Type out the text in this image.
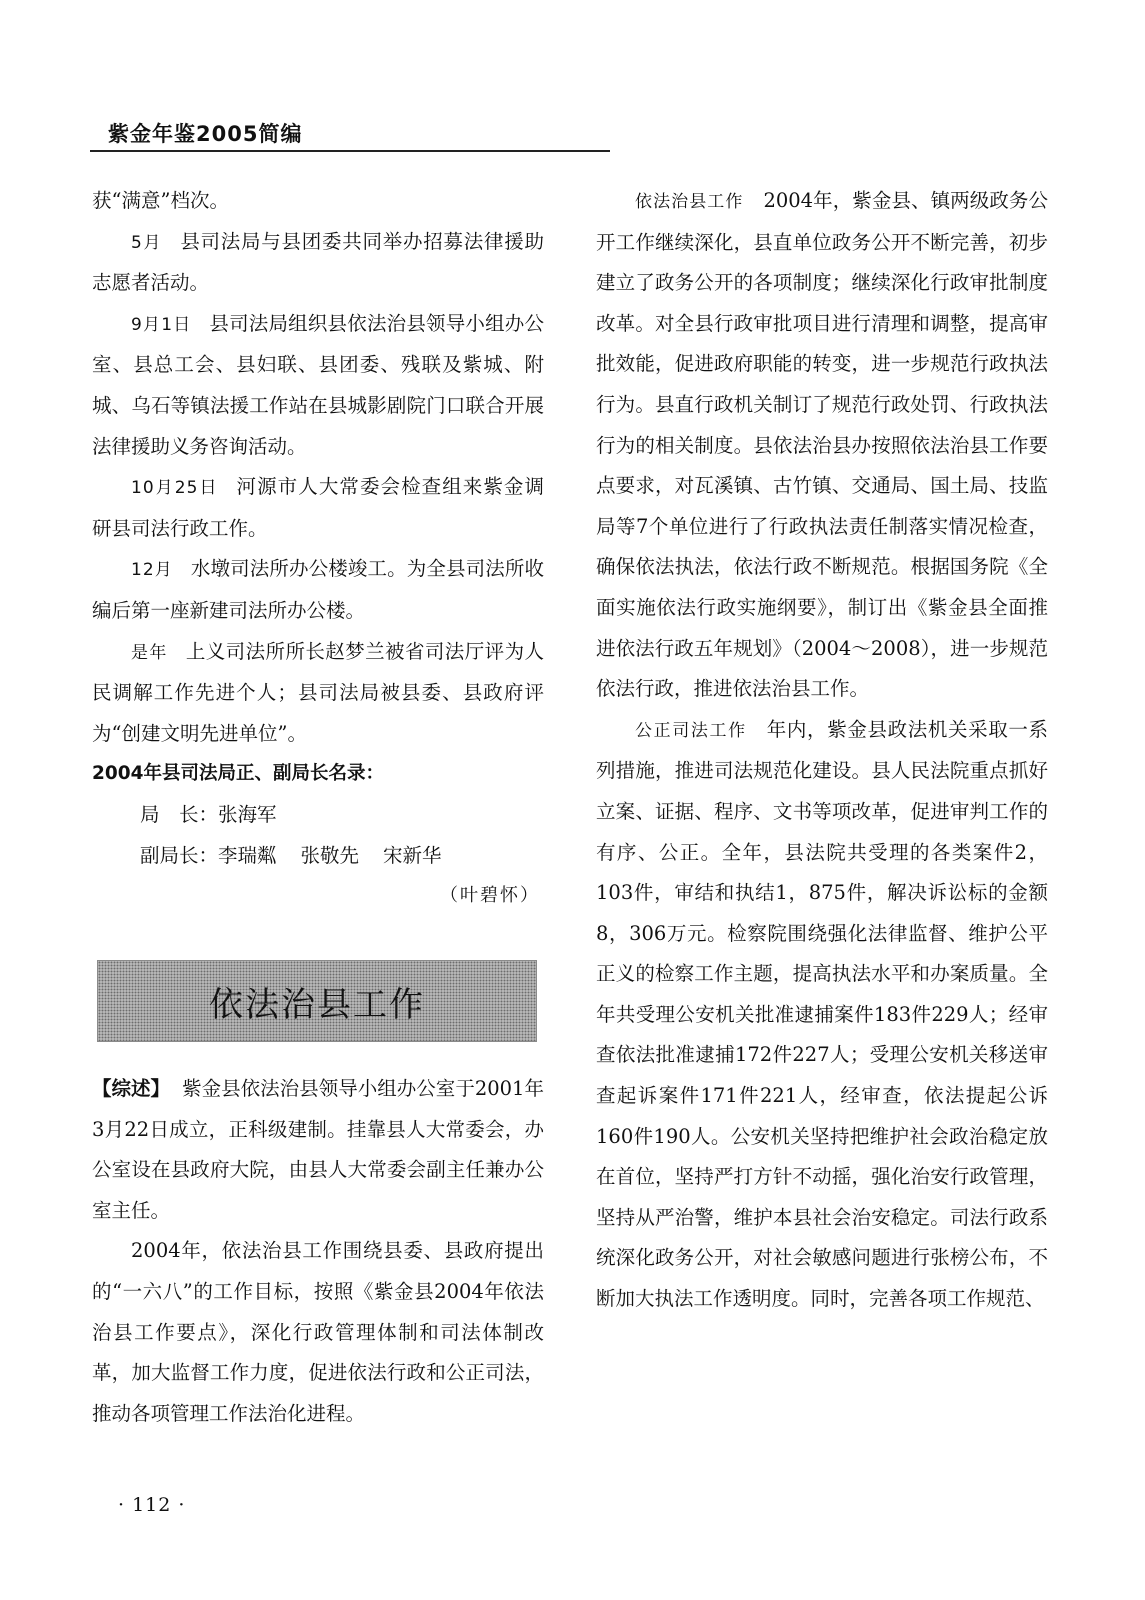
紫金年鉴2005简编

获“满意”档次。

5月 县司法局与县团委共同举办招募法律援助志愿者活动。

9月1日 县司法局组织县依法治县领导小组办公室、县总工会、县妇联、县团委、残联及紫城、附城、乌石等镇法援工作站在县城影剧院门口联合开展法律援助义务咨询活动。

10月25日 河源市人大常委会检查组来紫金调研县司法行政工作。

12月 水墩司法所办公楼竣工。为全县司法所收编后第一座新建司法所办公楼。

是年 上义司法所所长赵梦兰被省司法厅评为人民调解工作先进个人；县司法局被县委、县政府评为“创建文明先进单位”。

2004年县司法局正、副局长名录：

局　长：张海军

副局长：李瑞粼 张敬先 宋新华

（叶碧怀）

依法治县工作

【综述】 紫金县依法治县领导小组办公室于2001年3月22日成立，正科级建制。挂靠县人大常委会，办公室设在县政府大院，由县人大常委会副主任兼办公室主任。

2004年，依法治县工作围绕县委、县政府提出的“一六八”的工作目标，按照《紫金县2004年依法治县工作要点》，深化行政管理体制和司法体制改革，加大监督工作力度，促进依法行政和公正司法，推动各项管理工作法治化进程。

· 112 ·

依法治县工作 2004年，紫金县、镇两级政务公开工作继续深化，县直单位政务公开不断完善，初步建立了政务公开的各项制度；继续深化行政审批制度改革。对全县行政审批项目进行清理和调整，提高审批效能，促进政府职能的转变，进一步规范行政执法行为。县直行政机关制订了规范行政处罚、行政执法行为的相关制度。县依法治县办按照依法治县工作要点要求，对瓦溪镇、古竹镇、交通局、国土局、技监局等7个单位进行了行政执法责任制落实情况检查，确保依法执法，依法行政不断规范。根据国务院《全面实施依法行政实施纲要》，制订出《紫金县全面推进依法行政五年规划》（2004～2008），进一步规范依法行政，推进依法治县工作。

公正司法工作 年内，紫金县政法机关采取一系列措施，推进司法规范化建设。县人民法院重点抓好立案、证据、程序、文书等项改革，促进审判工作的有序、公正。全年，县法院共受理的各类案件2，103件，审结和执结1，875件，解决诉讼标的金额8，306万元。检察院围绕强化法律监督、维护公平正义的检察工作主题，提高执法水平和办案质量。全年共受理公安机关批准逮捕案件183件229人；经审查依法批准逮捕172件227人；受理公安机关移送审查起诉案件171件221人，经审查，依法提起公诉160件190人。公安机关坚持把维护社会政治稳定放在首位，坚持严打方针不动摇，强化治安行政管理，坚持从严治警，维护本县社会治安稳定。司法行政系统深化政务公开，对社会敏感问题进行张榜公布，不断加大执法工作透明度。同时，完善各项工作规范、
